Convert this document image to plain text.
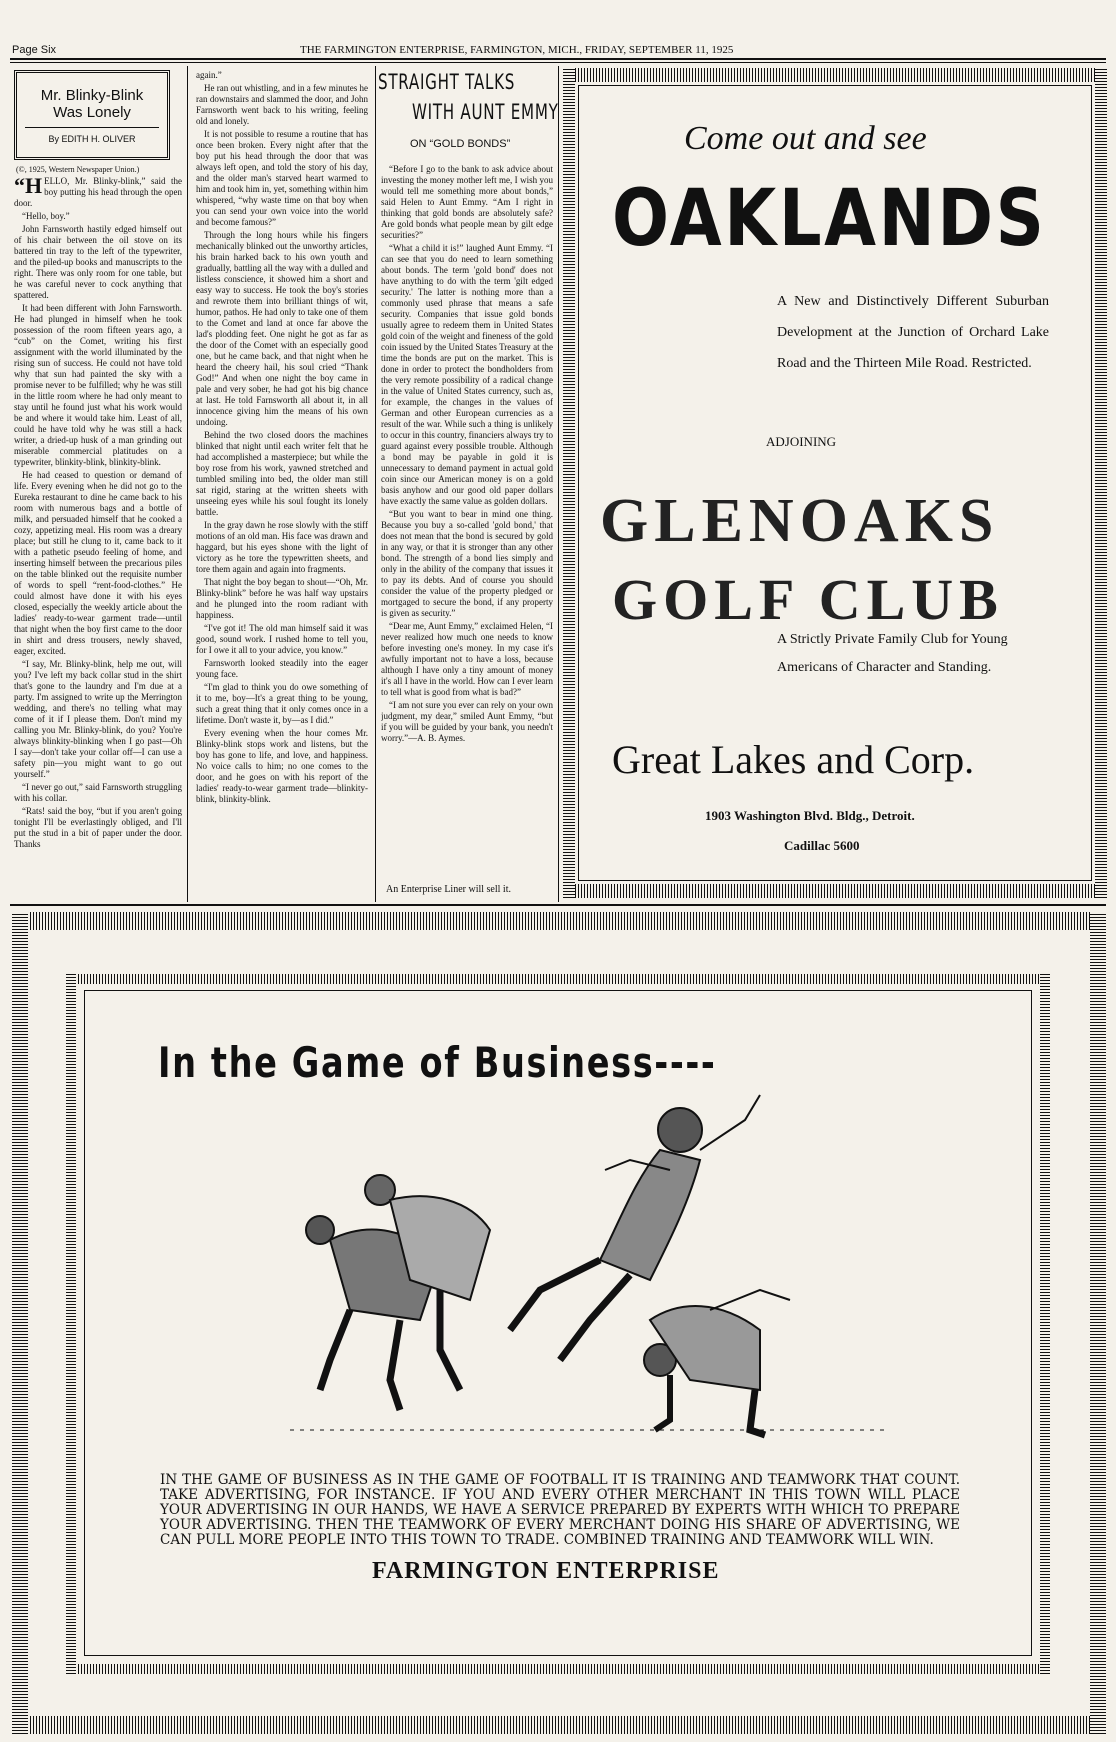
Page Six	THE FARMINGTON ENTERPRISE, FARMINGTON, MICH., FRIDAY, SEPTEMBER 11, 1925
Mr. Blinky-Blink
Was Lonely
By EDITH H. OLIVER
(©, 1925, Western Newspaper Union.)
“H ELLO, Mr. Blinky-blink,” said the boy putting his head through the open door.

“Hello, boy.”

John Farnsworth hastily edged himself out of his chair between the oil stove on its battered tin tray to the left of the typewriter, and the piled-up books and manuscripts to the right. There was only room for one table, but he was careful never to cock anything that spattered.

It had been different with John Farnsworth. He had plunged in himself when he took possession of the room fifteen years ago, a “cub” on the Comet, writing his first assignment with the world illuminated by the rising sun of success. He could not have told why that sun had painted the sky with a promise never to be fulfilled; why he was still in the little room where he had only meant to stay until he found just what his work would be and where it would take him. Least of all, could he have told why he was still a hack writer, a dried-up husk of a man grinding out miserable commercial platitudes on a typewriter, blinkity-blink, blinkity-blink.

He had ceased to question or demand of life. Every evening when he did not go to the Eureka restaurant to dine he came back to his room with numerous bags and a bottle of milk, and persuaded himself that he cooked a cozy, appetizing meal. His room was a dreary place; but still he clung to it, came back to it with a pathetic pseudo feeling of home, and inserting himself between the precarious piles on the table blinked out the requisite number of words to spell “rent-food-clothes.” He could almost have done it with his eyes closed, especially the weekly article about the ladies' ready-to-wear garment trade—until that night when the boy first came to the door in shirt and dress trousers, newly shaved, eager, excited.

“I say, Mr. Blinky-blink, help me out, will you? I've left my back collar stud in the shirt that's gone to the laundry and I'm due at a party. I'm assigned to write up the Merrington wedding, and there's no telling what may come of it if I please them. Don't mind my calling you Mr. Blinky-blink, do you? You're always blinkity-blinking when I go past—Oh I say—don't take your collar off—I can use a safety pin—you might want to go out yourself.”

“I never go out,” said Farnsworth struggling with his collar.

“Rats! said the boy, “but if you aren't going tonight I'll be everlastingly obliged, and I'll put the stud in a bit of paper under the door. Thanks

again.”

He ran out whistling, and in a few minutes he ran downstairs and slammed the door, and John Farnsworth went back to his writing, feeling old and lonely.

It is not possible to resume a routine that has once been broken. Every night after that the boy put his head through the door that was always left open, and told the story of his day, and the older man's starved heart warmed to him and took him in, yet, something within him whispered, “why waste time on that boy when you can send your own voice into the world and become famous?”

Through the long hours while his fingers mechanically blinked out the unworthy articles, his brain harked back to his own youth and gradually, battling all the way with a dulled and listless conscience, it showed him a short and easy way to success. He took the boy's stories and rewrote them into brilliant things of wit, humor, pathos. He had only to take one of them to the Comet and land at once far above the lad's plodding feet. One night he got as far as the door of the Comet with an especially good one, but he came back, and that night when he heard the cheery hail, his soul cried “Thank God!” And when one night the boy came in pale and very sober, he had got his big chance at last. He told Farnsworth all about it, in all innocence giving him the means of his own undoing.

Behind the two closed doors the machines blinked that night until each writer felt that he had accomplished a masterpiece; but while the boy rose from his work, yawned stretched and tumbled smiling into bed, the older man still sat rigid, staring at the written sheets with unseeing eyes while his soul fought its lonely battle.

In the gray dawn he rose slowly with the stiff motions of an old man. His face was drawn and haggard, but his eyes shone with the light of victory as he tore the typewritten sheets, and tore them again and again into fragments.

That night the boy began to shout—“Oh, Mr. Blinky-blink” before he was half way upstairs and he plunged into the room radiant with happiness.

“I've got it! The old man himself said it was good, sound work. I rushed home to tell you, for I owe it all to your advice, you know.”

Farnsworth looked steadily into the eager young face.

“I'm glad to think you do owe something of it to me, boy—It's a great thing to be young, such a great thing that it only comes once in a lifetime. Don't waste it, by—as I did.”

Every evening when the hour comes Mr. Blinky-blink stops work and listens, but the boy has gone to life, and love, and happiness. No voice calls to him; no one comes to the door, and he goes on with his report of the ladies' ready-to-wear garment trade—blinkity-blink, blinkity-blink.

STRAIGHT TALKS
WITH AUNT EMMY
ON “GOLD BONDS”

“Before I go to the bank to ask advice about investing the money mother left me, I wish you would tell me something more about bonds,” said Helen to Aunt Emmy. “Am I right in thinking that gold bonds are absolutely safe? Are gold bonds what people mean by gilt edge securities?”

“What a child it is!” laughed Aunt Emmy. “I can see that you do need to learn something about bonds. The term 'gold bond' does not have anything to do with the term 'gilt edged security.' The latter is nothing more than a commonly used phrase that means a safe security. Companies that issue gold bonds usually agree to redeem them in United States gold coin of the weight and fineness of the gold coin issued by the United States Treasury at the time the bonds are put on the market. This is done in order to protect the bondholders from the very remote possibility of a radical change in the value of United States currency, such as, for example, the changes in the values of German and other European currencies as a result of the war. While such a thing is unlikely to occur in this country, financiers always try to guard against every possible trouble. Although a bond may be payable in gold it is unnecessary to demand payment in actual gold coin since our American money is on a gold basis anyhow and our good old paper dollars have exactly the same value as golden dollars.

“But you want to bear in mind one thing. Because you buy a so-called 'gold bond,' that does not mean that the bond is secured by gold in any way, or that it is stronger than any other bond. The strength of a bond lies simply and only in the ability of the company that issues it to pay its debts. And of course you should consider the value of the property pledged or mortgaged to secure the bond, if any property is given as security.”

“Dear me, Aunt Emmy,” exclaimed Helen, “I never realized how much one needs to know before investing one's money. In my case it's awfully important not to have a loss, because although I have only a tiny amount of money it's all I have in the world. How can I ever learn to tell what is good from what is bad?”

“I am not sure you ever can rely on your own judgment, my dear,” smiled Aunt Emmy, “but if you will be guided by your bank, you needn't worry.”—A. B. Aymes.

An Enterprise Liner will sell it.
Come out and see
OAKLANDS
A New and Distinctively Different Suburban Development at the Junction of Orchard Lake Road and the Thirteen Mile Road. Restricted.
ADJOINING
GLENOAKS
GOLF CLUB
A Strictly Private Family Club for Young Americans of Character and Standing.
Great Lakes and Corp.
1903 Washington Blvd. Bldg., Detroit.
Cadillac 5600
In the Game of Business----
IN THE GAME OF BUSINESS AS IN THE GAME OF FOOTBALL IT IS TRAINING AND TEAMWORK THAT COUNT. TAKE ADVERTISING, FOR INSTANCE. IF YOU AND EVERY OTHER MERCHANT IN THIS TOWN WILL PLACE YOUR ADVERTISING IN OUR HANDS, WE HAVE A SERVICE PREPARED BY EXPERTS WITH WHICH TO PREPARE YOUR ADVERTISING. THEN THE TEAMWORK OF EVERY MERCHANT DOING HIS SHARE OF ADVERTISING, WE CAN PULL MORE PEOPLE INTO THIS TOWN TO TRADE. COMBINED TRAINING AND TEAMWORK WILL WIN.
FARMINGTON ENTERPRISE
